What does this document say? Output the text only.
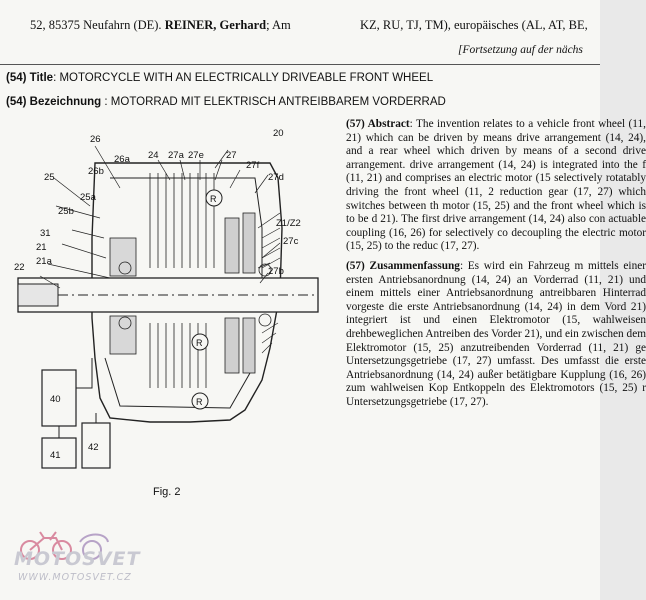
52, 85375 Neufahrn (DE). REINER, Gerhard; Am	KZ, RU, TJ, TM), europäisches (AL, AT, BE,
[Fortsetzung auf der nächs
(54) Title: MOTORCYCLE WITH AN ELECTRICALLY DRIVEABLE FRONT WHEEL
(54) Bezeichnung : MOTORRAD MIT ELEKTRISCH ANTREIBBAREM VORDERRAD
R
R
R
20
26
24 27a 27e 27
27f
26b
26a
25
25a
25b
27d
Z1/Z2
27c
31
21
21a
22	27b
40
41
42
Fig. 2

(57) Abstract: The invention relates to a vehicle front wheel (11, 21) which can be driven by means drive arrangement (14, 24), and a rear wheel which driven by means of a second drive arrangement. drive arrangement (14, 24) is integrated into the f (11, 21) and comprises an electric motor (15 selectively rotatably driving the front wheel (11, 2 reduction gear (17, 27) which switches between th motor (15, 25) and the front wheel which is to be d 21). The first drive arrangement (14, 24) also con actuable coupling (16, 26) for selectively co decoupling the electric motor (15, 25) to the reduc (17, 27).

(57) Zusammenfassung: Es wird ein Fahrzeug m mittels einer ersten Antriebsanordnung (14, 24) an Vorderrad (11, 21) und einem mittels einer Antriebsanordnung antreibbaren Hinterrad vorgeste die erste Antriebsanordnung (14, 24) in dem Vord 21) integriert ist und einen Elektromotor (15, wahlweisen drehbeweglichen Antreiben des Vorder 21), und ein zwischen dem Elektromotor (15, 25) anzutreibenden Vorderrad (11, 21) ge Untersetzungsgetriebe (17, 27) umfasst. Des umfasst die erste Antriebsanordnung (14, 24) außer betätigbare Kupplung (16, 26) zum wahlweisen Kop Entkoppeln des Elektromotors (15, 25) r Untersetzungsgetriebe (17, 27).

MOTOSVET
WWW.MOTOSVET.CZ
